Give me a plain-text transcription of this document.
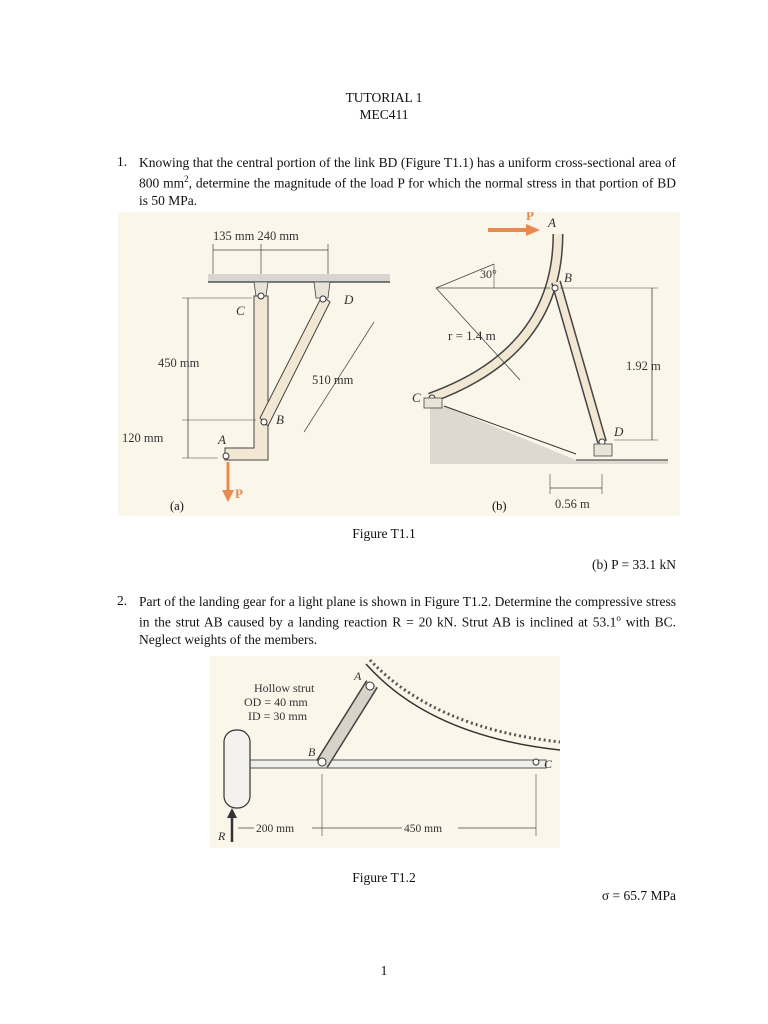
TUTORIAL 1
MEC411
1. Knowing that the central portion of the link BD (Figure T1.1) has a uniform cross-sectional area of 800 $mm^2$, determine the magnitude of the load P for which the normal stress in that portion of BD is 50 MPa.
135 mm 240 mm
450 mm
120 mm
510 mm
C
D
B
A
P
(a)
P
30°
r = 1.4 m
1.92 m
0.56 m
A
B
C
D
(b)
Figure T1.1
(b) P = 33.1 kN
2. Part of the landing gear for a light plane is shown in Figure T1.2. Determine the compressive stress in the strut AB caused by a landing reaction R = 20 kN. Strut AB is inclined at 53.1$^o$ with BC. Neglect weights of the members.
Hollow strut
OD = 40 mm
ID = 30 mm
A
B
C
R	200 mm	450 mm
Figure T1.2
σ = 65.7 MPa
1
